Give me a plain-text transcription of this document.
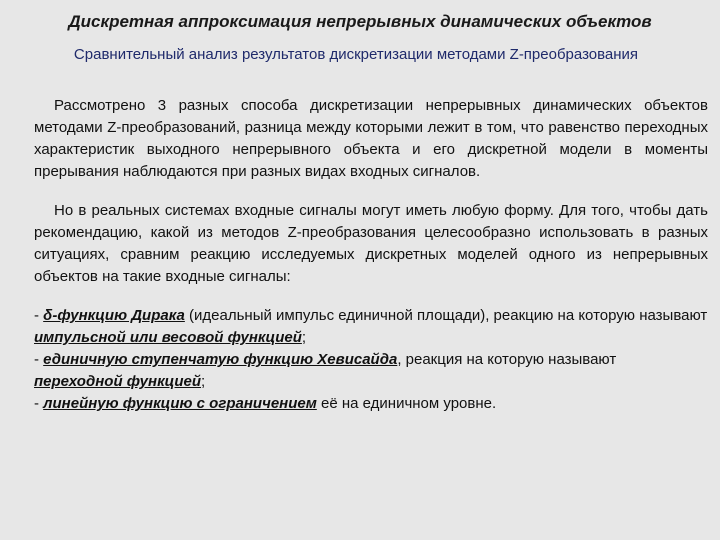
Дискретная аппроксимация непрерывных динамических объектов
Сравнительный анализ результатов дискретизации методами Z-преобразования

Рассмотрено 3 разных способа дискретизации непрерывных динамических объектов методами Z-преобразований, разница между которыми лежит в том, что равенство переходных характеристик выходного непрерывного объекта и его дискретной модели в моменты прерывания наблюдаются при разных видах входных сигналов.

Но в реальных системах входные сигналы могут иметь любую форму. Для того, чтобы дать рекомендацию, какой из методов Z-преобразования целесообразно использовать в разных ситуациях, сравним реакцию исследуемых дискретных моделей одного из непрерывных объектов на такие входные сигналы:

- δ-функцию Дирака (идеальный импульс единичной площади), реакцию на которую называют импульсной или весовой функцией;
- единичную ступенчатую функцию Хевисайда, реакция на которую называют переходной функцией;
- линейную функцию с ограничением её на единичном уровне.
